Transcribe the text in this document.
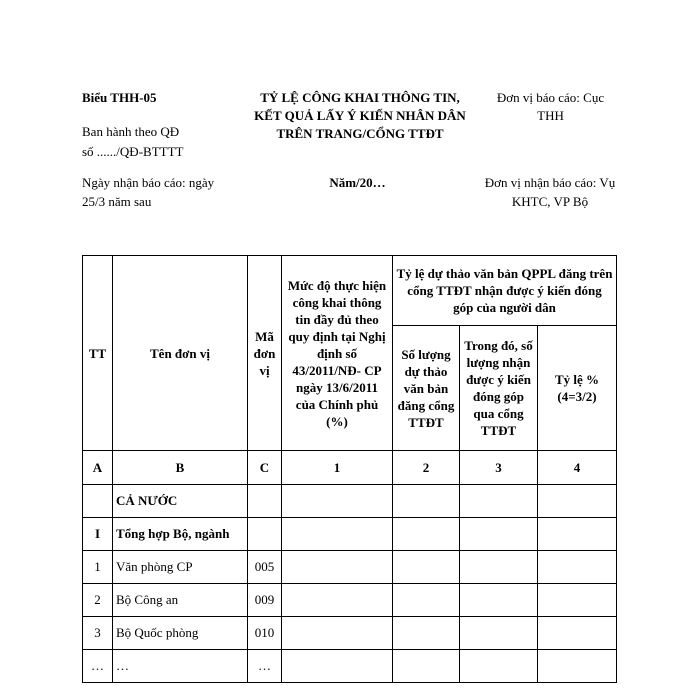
Biểu THH-05
Ban hành theo QĐ
số ....../QĐ-BTTTT
TỶ LỆ CÔNG KHAI THÔNG TIN,
KẾT QUẢ LẤY Ý KIẾN NHÂN DÂN
TRÊN TRANG/CỔNG TTĐT
Đơn vị báo cáo: Cục
THH
Ngày nhận báo cáo: ngày
25/3 năm sau
Năm/20…	Đơn vị nhận báo cáo: Vụ
KHTC, VP Bộ
TT	Tên đơn vị	Mã đơn vị	Mức độ thực hiện công khai thông tin đầy đủ theo quy định tại Nghị định số 43/2011/NĐ- CP ngày 13/6/2011 của Chính phủ (%)	Tỷ lệ dự thảo văn bản QPPL đăng trên cổng TTĐT nhận được ý kiến đóng góp của người dân		
				Số lượng dự thảo văn bản đăng cổng TTĐT	Trong đó, số lượng nhận được ý kiến đóng góp qua cổng TTĐT	Tỷ lệ % (4=3/2)
A	B	C	1	2	3	4
	CẢ NƯỚC					
I	Tổng hợp Bộ, ngành					
1	Văn phòng CP	005				
2	Bộ Công an	009				
3	Bộ Quốc phòng	010				
…	…	…				
